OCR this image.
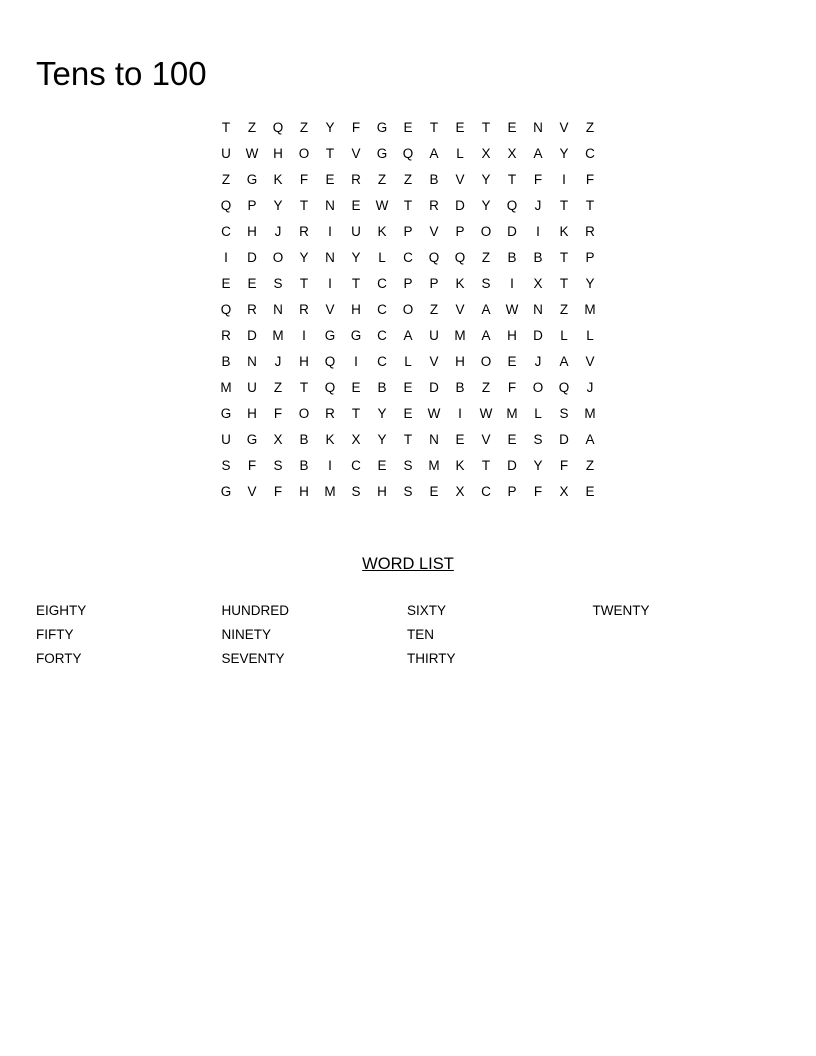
Tens to 100
T	Z	Q	Z	Y	F	G	E	T	E	T	E	N	V	Z
U	W	H	O	T	V	G	Q	A	L	X	X	A	Y	C
Z	G	K	F	E	R	Z	Z	B	V	Y	T	F	I	F
Q	P	Y	T	N	E	W	T	R	D	Y	Q	J	T	T
C	H	J	R	I	U	K	P	V	P	O	D	I	K	R
I	D	O	Y	N	Y	L	C	Q	Q	Z	B	B	T	P
E	E	S	T	I	T	C	P	P	K	S	I	X	T	Y
Q	R	N	R	V	H	C	O	Z	V	A	W	N	Z	M
R	D	M	I	G	G	C	A	U	M	A	H	D	L	L
B	N	J	H	Q	I	C	L	V	H	O	E	J	A	V
M	U	Z	T	Q	E	B	E	D	B	Z	F	O	Q	J
G	H	F	O	R	T	Y	E	W	I	W	M	L	S	M
U	G	X	B	K	X	Y	T	N	E	V	E	S	D	A
S	F	S	B	I	C	E	S	M	K	T	D	Y	F	Z
G	V	F	H	M	S	H	S	E	X	C	P	F	X	E
WORD LIST
EIGHTY
FIFTY
FORTY
HUNDRED
NINETY
SEVENTY
SIXTY
TEN
THIRTY
TWENTY
